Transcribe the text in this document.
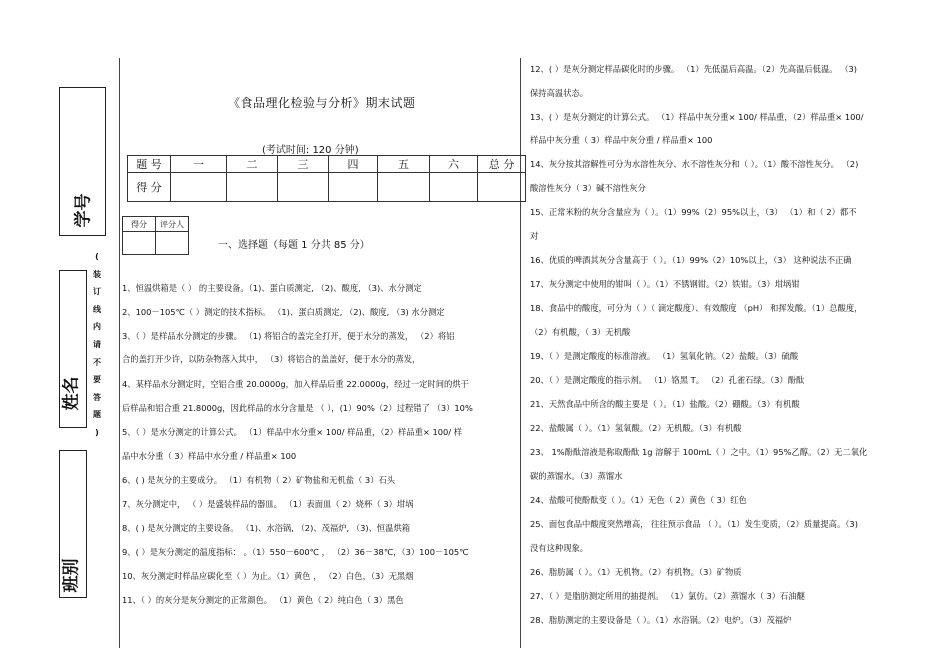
学号
(
装
订
线
内
请
不
要
答
题
)
姓名
班别
《食品理化检验与分析》期末试题
(考试时间: 120 分钟)
题 号	一	二	三	四	五	六	总 分
得 分							
得分	评分人

一、选择题（每题 1 分共 85 分）
1、恒温烘箱是（ ） 的主要设备。（1)、蛋白质测定, （2)、酸度, （3)、水分测定
2、100－105℃（ ）测定的技术指标。 （1)、蛋白质测定, （2)、酸度, （3) 水分测定
3、（ ）是样品水分测定的步骤。 （1) 将铝合的盖完全打开，便于水分的蒸发， （2）将铝
合的盖打开少许，以防杂物落入其中， （3）将铝合的盖盖好，便于水分的蒸发，
4、某样品水分测定时，空铝合重 20.0000g，加入样品后重 22.0000g，经过一定时间的烘干
后样品和铝合重 21.8000g，因此样品的水分含量是 （ ），(1）90%（2）过程错了 （3）10%
5、（ ）是水分测定的计算公式。 （1）样品中水分重× 100/ 样品重，（2）样品重× 100/ 样
品中水分重（ 3）样品中水分重 / 样品重× 100
6、( ) 是灰分的主要成分。 （1）有机物（ 2）矿物盐和无机盐（ 3）石头
7、灰分测定中， （ ）是盛装样品的器皿。 （1）表面皿（ 2）烧杯（ 3）坩埚
8、( ) 是灰分测定的主要设备。 （1)、水浴锅, （2)、茂福炉, （3)、恒温烘箱
9、( ）是灰分测定的温度指标： 。（1）550－600℃ ， （2）36－38℃，（3）100－105℃
10、灰分测定时样品应碳化至（ ）为止。（1）黄色 ， （2）白色，（3）无黑烟
11、（ ）的灰分是灰分测定的正常颜色。 （1）黄色（ 2）纯白色（ 3）黑色
12、( ）是灰分测定样品碳化时的步骤。 （1）先低温后高温。（2）先高温后低温。 （3)
保持高温状态。
13、( ）是灰分测定的计算公式。 （1）样品中灰分重× 100/ 样品重，（2）样品重× 100/
样品中灰分重（ 3）样品中灰分重 / 样品重× 100
14、灰分按其溶解性可分为水溶性灰分、水不溶性灰分和（ ）。（1）酸不溶性灰分。 （2)
酸溶性灰分（ 3）碱不溶性灰分
15、正常米粉的灰分含量应为（ ）。（1）99%（2）95%以上，（3） （1）和（ 2）都不
对
16、优质的啤酒其灰分含量高于（ ）。（1）99%（2）10%以上，（3） 这种说法不正确
17、灰分测定中使用的钳叫（ ）。（1）不锈钢钳。（2）铁钳。（3）坩埚钳
18、食品中的酸度，可分为（ ）（ 滴定酸度）、有效酸度 （pH） 和挥发酸。（1）总酸度，
（2）有机酸，（ 3）无机酸
19、（ ）是测定酸度的标准溶液。 （1）氢氧化钠。（2）盐酸。（3）硫酸
20、（ ）是测定酸度的指示剂。 （1）铬黑 T。 （2）孔雀石绿。（3）酚酞
21、天然食品中所含的酸主要是（ ）。（1）盐酸。（2）硼酸。（3）有机酸
22、盐酸属（ ）。（1）氢氧酸。（2）无机酸。（3）有机酸
23、 1%酚酞溶液是称取酚酞 1g 溶解于 100mL（ ）之中。（1）95%乙醇。（2）无二氧化
碳的蒸馏水。（3）蒸馏水
24、盐酸可使酚酞变（ ）。（1）无色（ 2）黄色（ 3）红色
25、面包食品中酸度突然增高， 往往预示食品 （ ）。（1）发生变质，（2）质量提高。（3)
没有这种现象。
26、脂肪属（ ）。（1）无机物。（2）有机物。（3）矿物质
27、（ ）是脂肪测定所用的抽提剂。 （1）氯仿。（2）蒸馏水（ 3）石油醚
28、脂肪测定的主要设备是（ ）。（1）水浴锅。（2）电炉。（3）茂福炉
